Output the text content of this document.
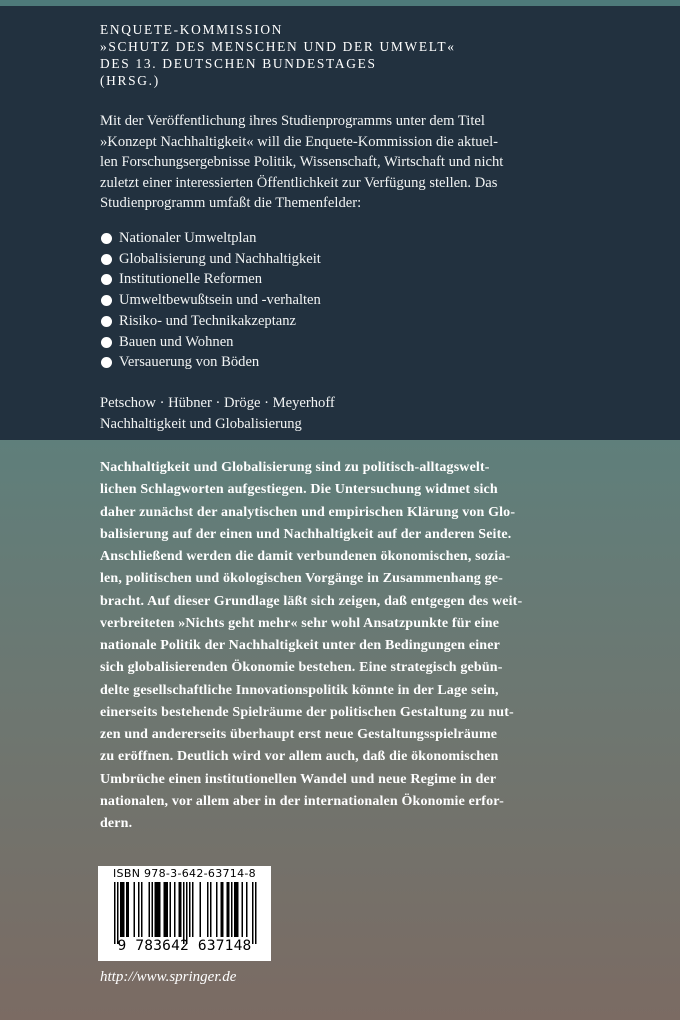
ENQUETE-KOMMISSION
»SCHUTZ DES MENSCHEN UND DER UMWELT«
DES 13. DEUTSCHEN BUNDESTAGES
(HRSG.)
Mit der Veröffentlichung ihres Studienprogramms unter dem Titel
»Konzept Nachhaltigkeit« will die Enquete-Kommission die aktuel-
len Forschungsergebnisse Politik, Wissenschaft, Wirtschaft und nicht
zuletzt einer interessierten Öffentlichkeit zur Verfügung stellen. Das
Studienprogramm umfaßt die Themenfelder:
Nationaler Umweltplan
Globalisierung und Nachhaltigkeit
Institutionelle Reformen
Umweltbewußtsein und -verhalten
Risiko- und Technikakzeptanz
Bauen und Wohnen
Versauerung von Böden
Petschow · Hübner · Dröge · Meyerhoff
Nachhaltigkeit und Globalisierung
Nachhaltigkeit und Globalisierung sind zu politisch-alltagswelt-
lichen Schlagworten aufgestiegen. Die Untersuchung widmet sich
daher zunächst der analytischen und empirischen Klärung von Glo-
balisierung auf der einen und Nachhaltigkeit auf der anderen Seite.
Anschließend werden die damit verbundenen ökonomischen, sozia-
len, politischen und ökologischen Vorgänge in Zusammenhang ge-
bracht. Auf dieser Grundlage läßt sich zeigen, daß entgegen des weit-
verbreiteten »Nichts geht mehr« sehr wohl Ansatzpunkte für eine
nationale Politik der Nachhaltigkeit unter den Bedingungen einer
sich globalisierenden Ökonomie bestehen. Eine strategisch gebün-
delte gesellschaftliche Innovationspolitik könnte in der Lage sein,
einerseits bestehende Spielräume der politischen Gestaltung zu nut-
zen und andererseits überhaupt erst neue Gestaltungsspielräume
zu eröffnen. Deutlich wird vor allem auch, daß die ökonomischen
Umbrüche einen institutionellen Wandel und neue Regime in der
nationalen, vor allem aber in der internationalen Ökonomie erfor-
dern.
ISBN 978-3-642-63714-8
9 783642 637148
http://www.springer.de
